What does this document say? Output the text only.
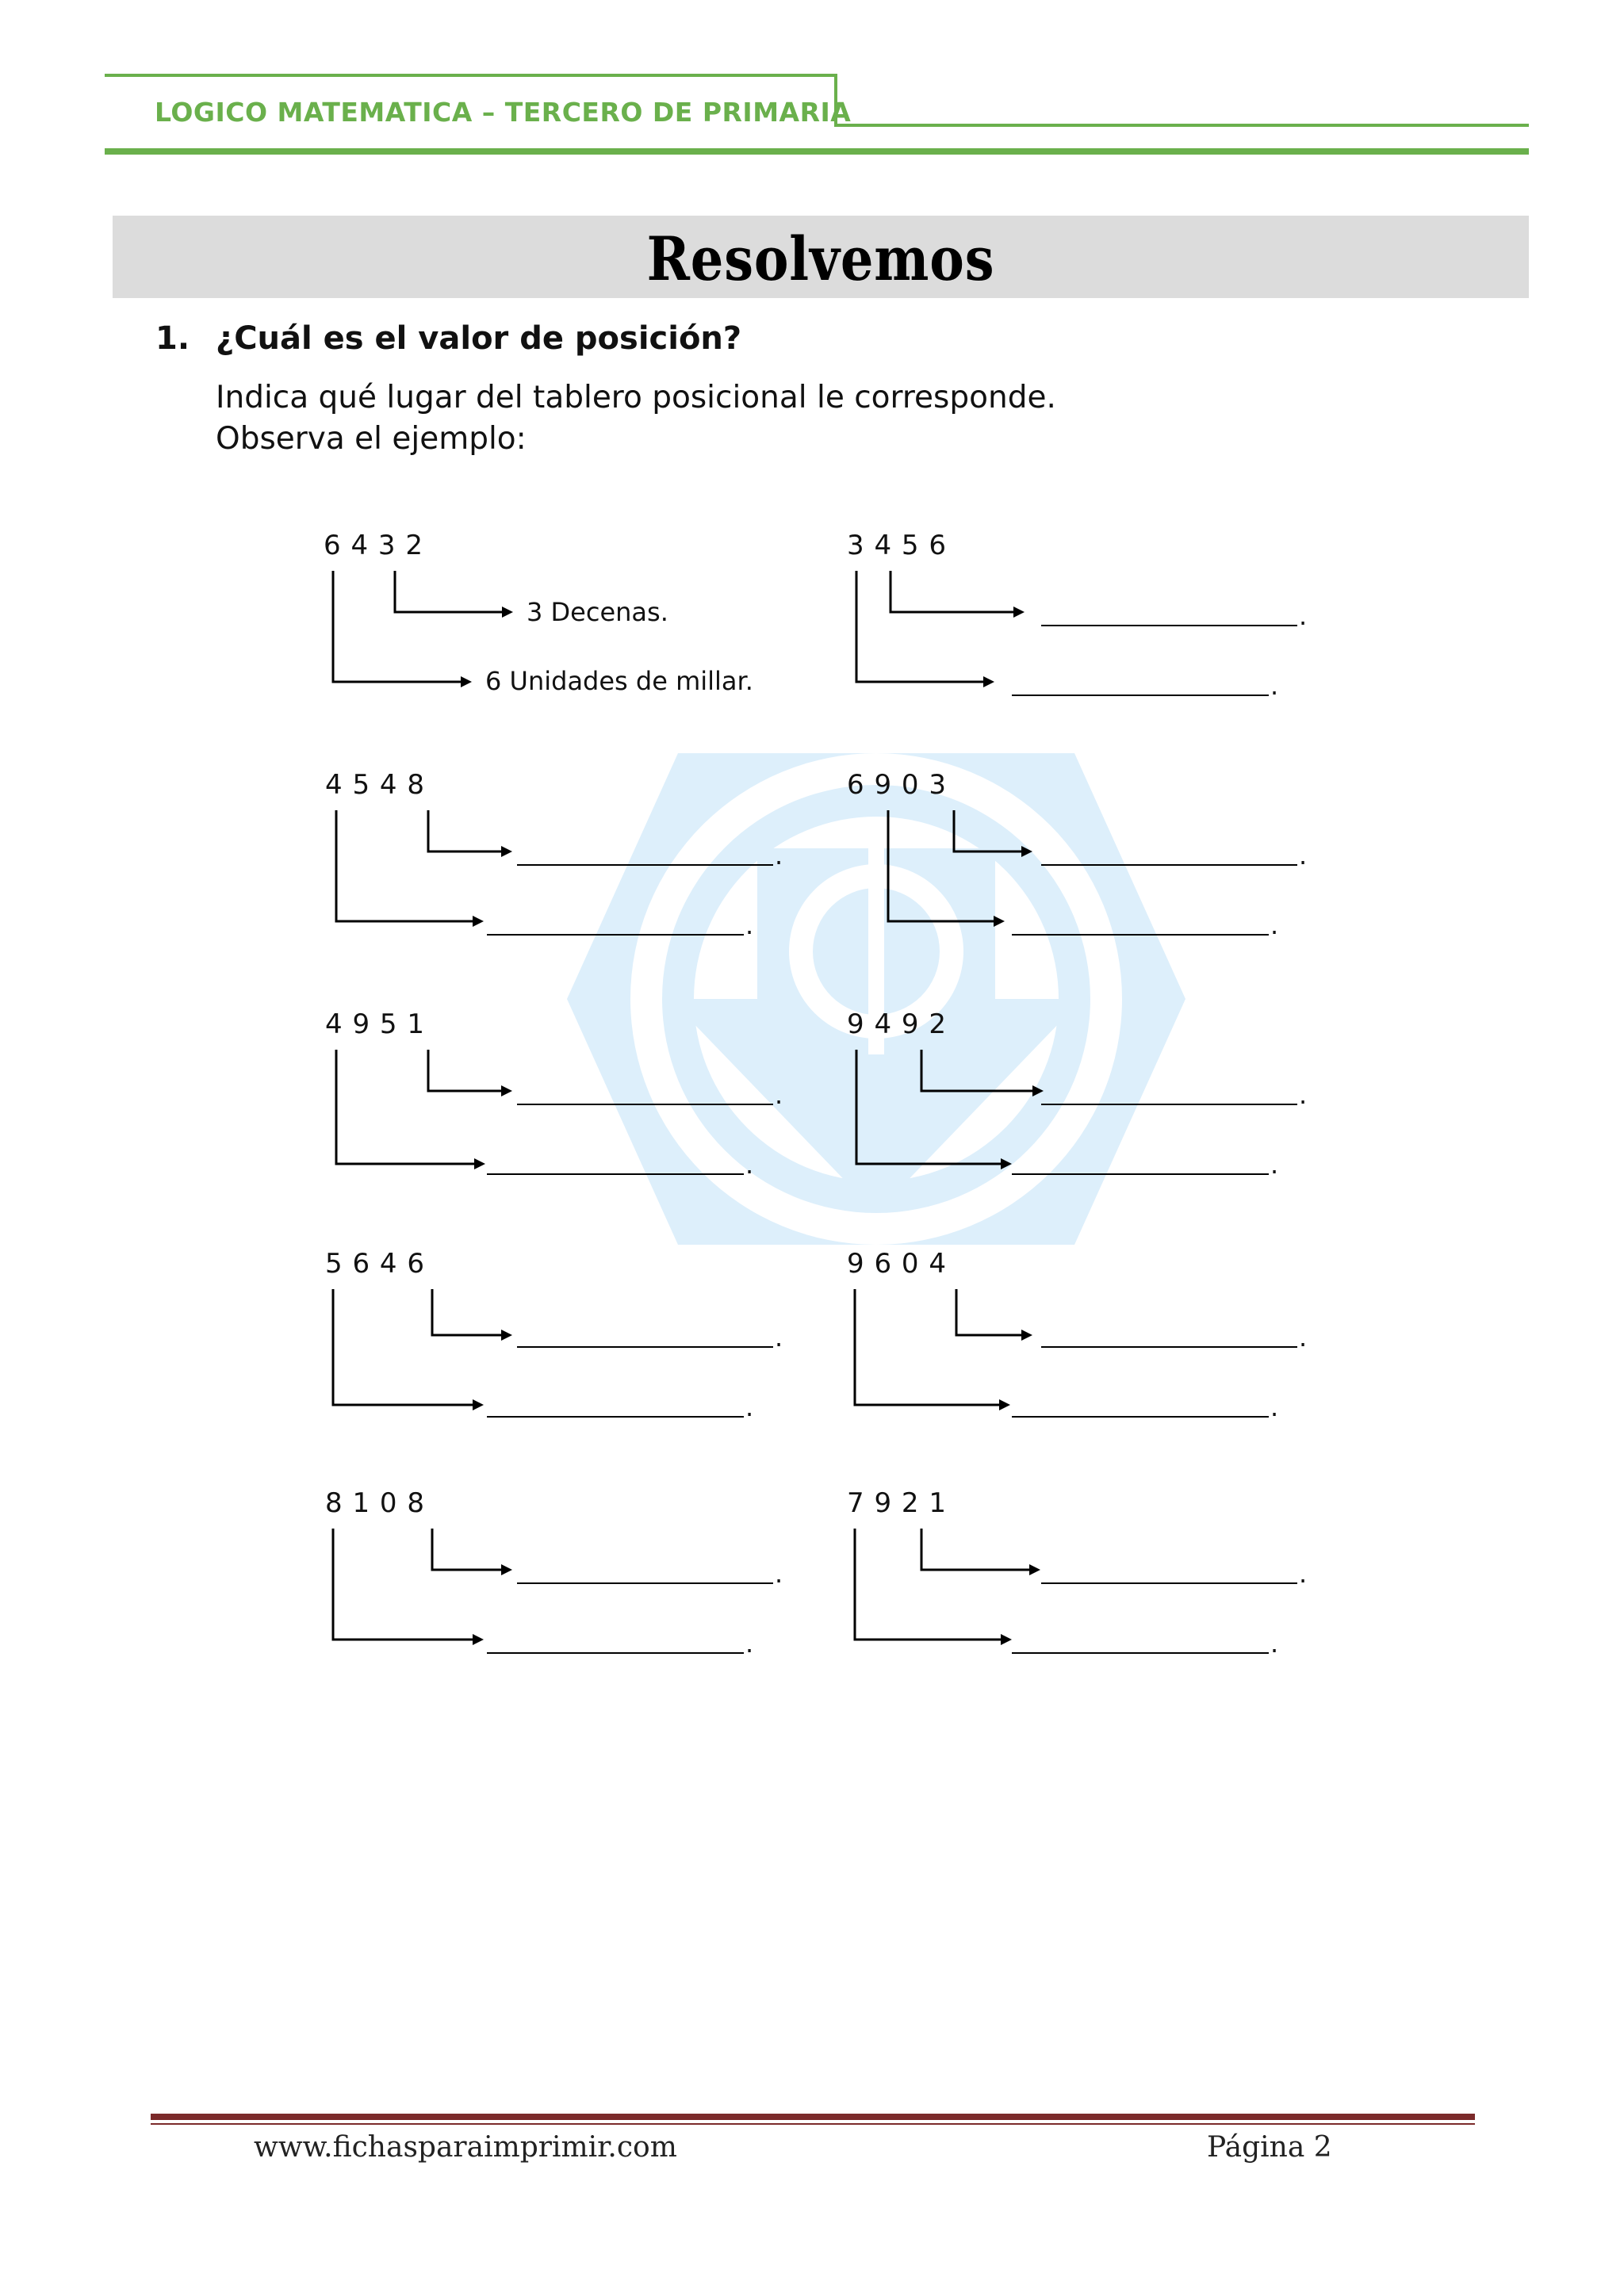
LOGICO MATEMATICA – TERCERO DE PRIMARIA
Resolvemos
1. ¿Cuál es el valor de posición?
Indica qué lugar del tablero posicional le corresponde.
Observa el ejemplo:
6 4 3 2
3 Decenas.
6 Unidades de millar.
3 4 5 6
.
.
4 5 4 8
.
.
6 9 0 3
.
.
4 9 5 1
.
.
9 4 9 2
.
.
5 6 4 6
.
.
9 6 0 4
.
.
8 1 0 8
.
.
7 9 2 1
.
.
www.fichasparaimprimir.com	Página 2
